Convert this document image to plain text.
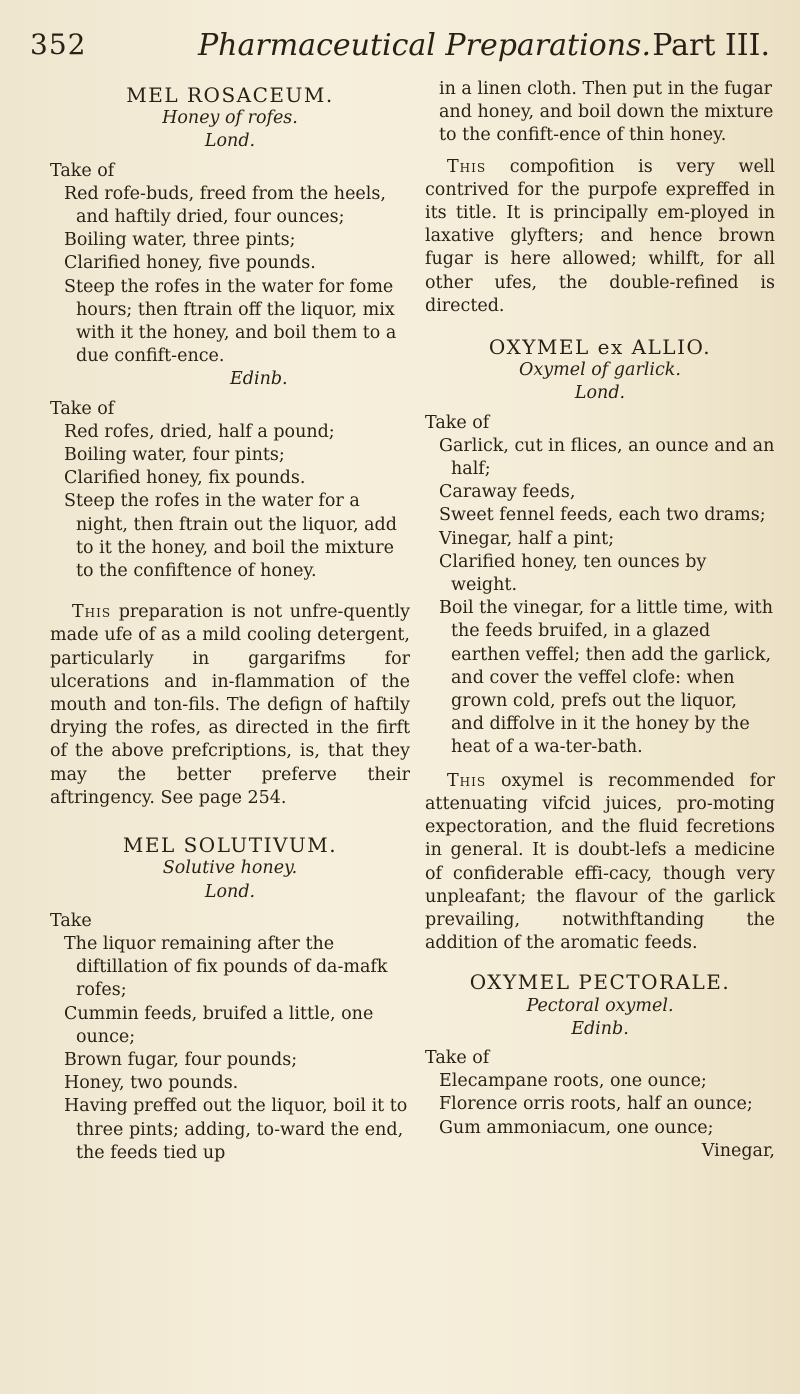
352	Pharmaceutical Preparations. Part III.

MEL ROSACEUM.

Honey of rofes.

Lond.

Take of

Red rofe-buds, freed from the heels, and haftily dried, four ounces;

Boiling water, three pints;

Clarified honey, five pounds.

Steep the rofes in the water for fome hours; then ftrain off the liquor, mix with it the honey, and boil them to a due confift-ence.

Edinb.

Take of

Red rofes, dried, half a pound;

Boiling water, four pints;

Clarified honey, fix pounds.

Steep the rofes in the water for a night, then ftrain out the liquor, add to it the honey, and boil the mixture to the confiftence of honey.

This preparation is not unfre-quently made ufe of as a mild cooling detergent, particularly in gargarifms for ulcerations and in-flammation of the mouth and ton-fils. The defign of haftily drying the rofes, as directed in the firft of the above prefcriptions, is, that they may the better preferve their aftringency. See page 254.

MEL SOLUTIVUM.

Solutive honey.

Lond.

Take

The liquor remaining after the diftillation of fix pounds of da-mafk rofes;

Cummin feeds, bruifed a little, one ounce;

Brown fugar, four pounds;

Honey, two pounds.

Having preffed out the liquor, boil it to three pints; adding, to-ward the end, the feeds tied up

in a linen cloth. Then put in the fugar and honey, and boil down the mixture to the confift-ence of thin honey.

This compofition is very well contrived for the purpofe expreffed in its title. It is principally em-ployed in laxative glyfters; and hence brown fugar is here allowed; whilft, for all other ufes, the double-refined is directed.

OXYMEL ex ALLIO.

Oxymel of garlick.

Lond.

Take of

Garlick, cut in flices, an ounce and an half;

Caraway feeds,

Sweet fennel feeds, each two drams;

Vinegar, half a pint;

Clarified honey, ten ounces by weight.

Boil the vinegar, for a little time, with the feeds bruifed, in a glazed earthen veffel; then add the garlick, and cover the veffel clofe: when grown cold, prefs out the liquor, and diffolve in it the honey by the heat of a wa-ter-bath.

This oxymel is recommended for attenuating vifcid juices, pro-moting expectoration, and the fluid fecretions in general. It is doubt-lefs a medicine of confiderable effi-cacy, though very unpleafant; the flavour of the garlick prevailing, notwithftanding the addition of the aromatic feeds.

OXYMEL PECTORALE.

Pectoral oxymel.

Edinb.

Take of

Elecampane roots, one ounce;

Florence orris roots, half an ounce;

Gum ammoniacum, one ounce;

Vinegar,
